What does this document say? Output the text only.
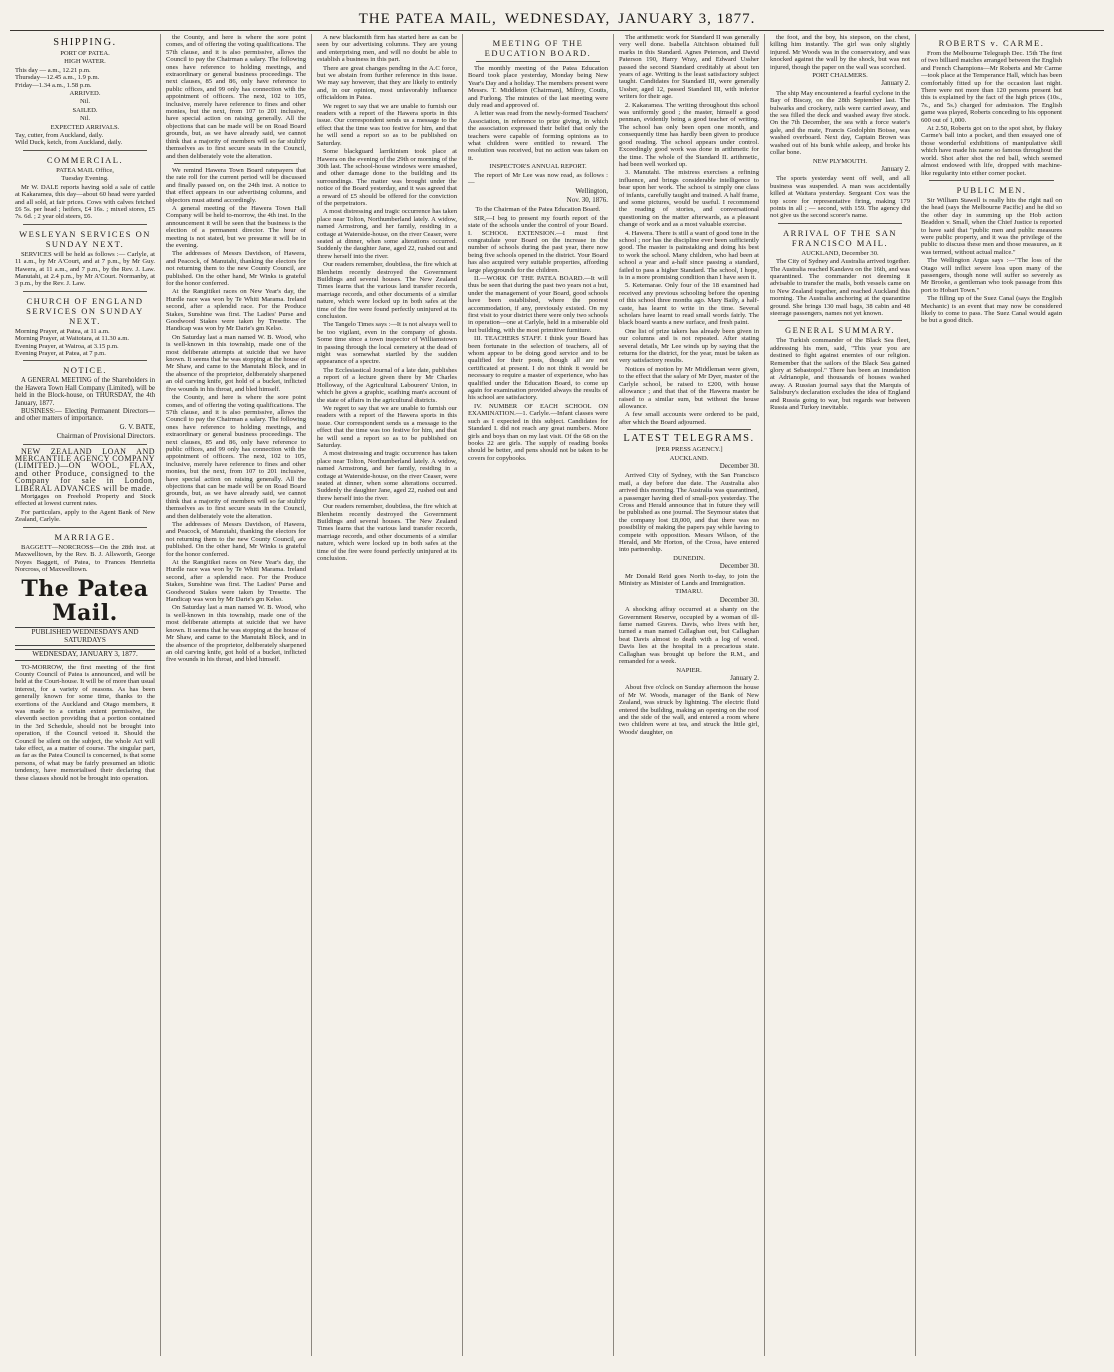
THE PATEA MAIL, WEDNESDAY, JANUARY 3, 1877.
SHIPPING.
PORT OF PATEA.
HIGH WATER.
This day — a.m., 12.21 p.m.
Thursday—12.45 a.m., 1.9 p.m.
Friday—1.34 a.m., 1.58 p.m.
ARRIVED.
Nil.
SAILED.
Nil.
EXPECTED ARRIVALS.
Tay, cutter, from Auckland, daily.
Wild Duck, ketch, from Auckland, daily.
COMMERCIAL.
PATEA MAIL Office,
Tuesday Evening.

Mr W. DALE reports having sold a sale of cattle at Kakaramea, this day—about 60 head were yarded and all sold, at fair prices. Cows with calves fetched £6 5s. per head ; heifers, £4 16s. ; mixed stores, £5 7s. 6d. ; 2 year old steers, £6.

WESLEYAN SERVICES ON SUNDAY NEXT.

SERVICES will be held as follows :— Carlyle, at 11 a.m., by Mr A'Court, and at 7 p.m., by Mr Guy. Hawera, at 11 a.m., and 7 p.m., by the Rev. J. Law. Manutahi, at 2.4 p.m., by Mr A'Court. Normanby, at 3 p.m., by the Rev. J. Law.

CHURCH OF ENGLAND SERVICES ON SUNDAY NEXT.
Morning Prayer, at Patea, at 11 a.m.
Morning Prayer, at Waitotara, at 11.30 a.m.
Evening Prayer, at Wairoa, at 3.15 p.m.
Evening Prayer, at Patea, at 7 p.m.
NOTICE.

A GENERAL MEETING of the Shareholders in the Hawera Town Hall Company (Limited), will be held in the Block-house, on THURSDAY, the 4th January, 1877.

BUSINESS:— Electing Permanent Directors—and other matters of importance.

G. V. BATE,
Chairman of Provisional Directors.

NEW ZEALAND LOAN AND MERCANTILE AGENCY COMPANY (LIMITED.)—ON WOOL, FLAX, and other Produce, consigned to the Company for sale in London, LIBERAL ADVANCES will be made.

Mortgages on Freehold Property and Stock effected at lowest current rates.

For particulars, apply to the Agent Bank of New Zealand, Carlyle.

MARRIAGE.

BAGGETT—NORCROSS—On the 28th inst. at Maxwelltown, by the Rev. B. J. Allsworth, George Noyes Baggett, of Patea, to Frances Henrietta Norcross, of Maxwelltown.

The Patea Mail.
PUBLISHED WEDNESDAYS AND SATURDAYS
WEDNESDAY, JANUARY 3, 1877.

TO-MORROW, the first meeting of the first County Council of Patea is announced, and will be held at the Court-house. It will be of more than usual interest, for a variety of reasons. As has been generally known for some time, thanks to the exertions of the Auckland and Otago members, it was made to a certain extent permissive, the eleventh section providing that a portion contained in the 3rd Schedule, should not be brought into operation, if the Council vetoed it. Should the Council be silent on the subject, the whole Act will take effect, as a matter of course. The singular part, as far as the Patea Council is concerned, is that some persons, of what may be fairly presumed an idiotic tendency, have memorialised their declaring that these clauses should not be brought into operation.

the County, and here is where the sore point comes, and of offering the voting qualifications. The 57th clause, and it is also permissive, allows the Council to pay the Chairman a salary. The following ones have reference to holding meetings, and extraordinary or general business proceedings. The next clauses, 85 and 86, only have reference to public offices, and 99 only has connection with the appointment of officers. The next, 102 to 105, inclusive, merely have reference to fines and other monies, but the next, from 107 to 201 inclusive, have special action on raising generally. All the objections that can be made will be on Road Board grounds, but, as we have already said, we cannot think that a majority of members will so far stultify themselves as to first secure seats in the Council, and then deliberately vote the alteration.

We remind Hawera Town Board ratepayers that the rate roll for the current period will be discussed and finally passed on, on the 24th inst. A notice to that effect appears in our advertising columns, and objectors must attend accordingly.

A general meeting of the Hawera Town Hall Company will be held to-morrow, the 4th inst. In the announcement it will be seen that the business is the election of a permanent director. The hour of meeting is not stated, but we presume it will be in the evening.

The addresses of Messrs Davidson, of Hawera, and Peacock, of Manutahi, thanking the electors for not returning them to the new County Council, are published. On the other hand, Mr Winks is grateful for the honor conferred.

At the Rangitikei races on New Year's day, the Hurdle race was won by Te Whiti Marama. Ireland second, after a splendid race. For the Produce Stakes, Sunshine was first. The Ladies' Purse and Goodwood Stakes were taken by Tresette. The Handicap was won by Mr Darie's gm Kelso.

On Saturday last a man named W. B. Wood, who is well-known in this township, made one of the most deliberate attempts at suicide that we have known. It seems that he was stopping at the house of Mr Shaw, and came to the Manutahi Block, and in the absence of the proprietor, deliberately sharpened an old carving knife, got hold of a bucket, inflicted five wounds in his throat, and bled himself.

the County, and here is where the sore point comes, and of offering the voting qualifications. The 57th clause, and it is also permissive, allows the Council to pay the Chairman a salary. The following ones have reference to holding meetings, and extraordinary or general business proceedings. The next clauses, 85 and 86, only have reference to public offices, and 99 only has connection with the appointment of officers. The next, 102 to 105, inclusive, merely have reference to fines and other monies, but the next, from 107 to 201 inclusive, have special action on raising generally. All the objections that can be made will be on Road Board grounds, but, as we have already said, we cannot think that a majority of members will so far stultify themselves as to first secure seats in the Council, and then deliberately vote the alteration.

The addresses of Messrs Davidson, of Hawera, and Peacock, of Manutahi, thanking the electors for not returning them to the new County Council, are published. On the other hand, Mr Winks is grateful for the honor conferred.

At the Rangitikei races on New Year's day, the Hurdle race was won by Te Whiti Marama. Ireland second, after a splendid race. For the Produce Stakes, Sunshine was first. The Ladies' Purse and Goodwood Stakes were taken by Tresette. The Handicap was won by Mr Darie's gm Kelso.

On Saturday last a man named W. B. Wood, who is well-known in this township, made one of the most deliberate attempts at suicide that we have known. It seems that he was stopping at the house of Mr Shaw, and came to the Manutahi Block, and in the absence of the proprietor, deliberately sharpened an old carving knife, got hold of a bucket, inflicted five wounds in his throat, and bled himself.

A new blacksmith firm has started here as can be seen by our advertising columns. They are young and enterprising men, and will no doubt be able to establish a business in this part.

There are great changes pending in the A.C force, but we abstain from further reference in this issue. We may say however, that they are likely to entirely and, in our opinion, most unfavorably influence officialdom in Patea.

We regret to say that we are unable to furnish our readers with a report of the Hawera sports in this issue. Our correspondent sends us a message to the effect that the time was too festive for him, and that he will send a report so as to be published on Saturday.

Some blackguard larrikinism took place at Hawera on the evening of the 29th or morning of the 30th last. The school-house windows were smashed, and other damage done to the building and its surroundings. The matter was brought under the notice of the Board yesterday, and it was agreed that a reward of £5 should be offered for the conviction of the perpetrators.

A most distressing and tragic occurrence has taken place near Tolton, Northumberland lately. A widow, named Armstrong, and her family, residing in a cottage at Waterside-house, on the river Ceaser, were seated at dinner, when some alterations occurred. Suddenly the daughter Jane, aged 22, rushed out and threw herself into the river.

Our readers remember, doubtless, the fire which at Blenheim recently destroyed the Government Buildings and several houses. The New Zealand Times learns that the various land transfer records, marriage records, and other documents of a similar nature, which were locked up in both safes at the time of the fire were found perfectly uninjured at its conclusion.

The Tangelo Times says :—It is not always well to be too vigilant, even in the company of ghosts. Some time since a town inspector of Williamstown in passing through the local cemetery at the dead of night was somewhat startled by the sudden appearance of a spectre.

The Ecclesiastical Journal of a late date, publishes a report of a lecture given there by Mr Charles Holloway, of the Agricultural Labourers' Union, in which he gives a graphic, scathing man's account of the state of affairs in the agricultural districts.

We regret to say that we are unable to furnish our readers with a report of the Hawera sports in this issue. Our correspondent sends us a message to the effect that the time was too festive for him, and that he will send a report so as to be published on Saturday.

A most distressing and tragic occurrence has taken place near Tolton, Northumberland lately. A widow, named Armstrong, and her family, residing in a cottage at Waterside-house, on the river Ceaser, were seated at dinner, when some alterations occurred. Suddenly the daughter Jane, aged 22, rushed out and threw herself into the river.

Our readers remember, doubtless, the fire which at Blenheim recently destroyed the Government Buildings and several houses. The New Zealand Times learns that the various land transfer records, marriage records, and other documents of a similar nature, which were locked up in both safes at the time of the fire were found perfectly uninjured at its conclusion.

MEETING OF THE EDUCATION BOARD.

The monthly meeting of the Patea Education Board took place yesterday, Monday being New Year's Day and a holiday. The members present were Messrs. T. Middleton (Chairman), Milroy, Coutts, and Furlong. The minutes of the last meeting were duly read and approved of.

A letter was read from the newly-formed Teachers' Association, in reference to prize giving, in which the association expressed their belief that only the teachers were capable of forming opinions as to what children were entitled to reward. The resolution was received, but no action was taken on it.

INSPECTOR'S ANNUAL REPORT.

The report of Mr Lee was now read, as follows :—

Wellington,
Nov. 30, 1876.
To the Chairman of the Patea Education Board.

SIR,—I beg to present my fourth report of the state of the schools under the control of your Board. I. SCHOOL EXTENSION.—I must first congratulate your Board on the increase in the number of schools during the past year, there now being five schools opened in the district. Your Board has also acquired very suitable properties, affording large playgrounds for the children.

II.—WORK OF THE PATEA BOARD.—It will thus be seen that during the past two years not a hut, under the management of your Board, good schools have been established, where the poorest accommodation, if any, previously existed. On my first visit to your district there were only two schools in operation—one at Carlyle, held in a miserable old hut building, with the most primitive furniture.

III. TEACHERS STAFF. I think your Board has been fortunate in the selection of teachers, all of whom appear to be doing good service and to be qualified for their posts, though all are not certificated at present. I do not think it would be necessary to require a master of experience, who has qualified under the Education Board, to come up again for examination provided always the results of his school are satisfactory.

IV. NUMBER OF EACH SCHOOL ON EXAMINATION.—1. Carlyle.—Infant classes were such as I expected in this subject. Candidates for Standard I. did not reach any great numbers. More girls and boys than on my last visit. Of the 68 on the books 22 are girls. The supply of reading books should be better, and pens should not be taken to be covers for copybooks.

The arithmetic work for Standard II was generally very well done. Isabella Aitchison obtained full marks in this Standard. Agnes Peterson, and David Paterson 190, Harry Wray, and Edward Ussher passed the second Standard creditably at about ten years of age. Writing is the least satisfactory subject taught. Candidates for Standard III, were generally Ussher, aged 12, passed Standard III, with inferior writers for their age.

2. Kakaramea. The writing throughout this school was uniformly good ; the master, himself a good penman, evidently being a good teacher of writing. The school has only been open one month, and consequently time has hardly been given to produce good reading. The school appears under control. Exceedingly good work was done in arithmetic for the time. The whole of the Standard II. arithmetic, had been well worked up.

3. Manutahi. The mistress exercises a refining influence, and brings considerable intelligence to bear upon her work. The school is simply one class of infants, carefully taught and trained. A half frame, and some pictures, would be useful. I recommend the reading of stories, and conversational questioning on the matter afterwards, as a pleasant change of work and as a most valuable exercise.

4. Hawera. There is still a want of good tone in the school ; nor has the discipline ever been sufficiently good. The master is painstaking and doing his best to work the school. Many children, who had been at school a year and a-half since passing a standard, failed to pass a higher Standard. The school, I hope, is in a more promising condition than I have seen it.

5. Ketemarae. Only four of the 18 examined had received any previous schooling before the opening of this school three months ago. Mary Baily, a half-caste, has learnt to write in the time. Several scholars have learnt to read small words fairly. The black board wants a new surface, and fresh paint.

One list of prize takers has already been given in our columns and is not repeated. After stating several details, Mr Lee winds up by saying that the returns for the district, for the year, must be taken as very satisfactory results.

Notices of motion by Mr Middleman were given, to the effect that the salary of Mr Dyer, master of the Carlyle school, be raised to £200, with house allowance ; and that that of the Hawera master be raised to a similar sum, but without the house allowance.

A few small accounts were ordered to be paid, after which the Board adjourned.

LATEST TELEGRAMS.
[PER PRESS AGENCY.]
AUCKLAND.
December 30.

Arrived City of Sydney, with the San Francisco mail, a day before due date. The Australia also arrived this morning. The Australia was quarantined, a passenger having died of small-pox yesterday. The Cross and Herald announce that in future they will be published as one journal. The Seymour states that the company lost £8,000, and that there was no possibility of making the papers pay while having to compete with opposition. Messrs Wilson, of the Herald, and Mr Horton, of the Cross, have entered into partnership.

DUNEDIN.
December 30.

Mr Donald Reid goes North to-day, to join the Ministry as Minister of Lands and Immigration.

TIMARU.
December 30.

A shocking affray occurred at a shanty on the Government Reserve, occupied by a woman of ill-fame named Graves. Davis, who lives with her, turned a man named Callaghan out, but Callaghan beat Davis almost to death with a log of wood. Davis lies at the hospital in a precarious state. Callaghan was brought up before the R.M., and remanded for a week.

NAPIER.
January 2.

About five o'clock on Sunday afternoon the house of Mr W. Woods, manager of the Bank of New Zealand, was struck by lightning. The electric fluid entered the building, making an opening on the roof and the side of the wall, and entered a room where two children were at tea, and struck the little girl, Woods' daughter, on

the foot, and the boy, his stepson, on the chest, killing him instantly. The girl was only slightly injured. Mr Woods was in the conservatory, and was knocked against the wall by the shock, but was not injured, though the paper on the wall was scorched.

PORT CHALMERS.
January 2.

The ship May encountered a fearful cyclone in the Bay of Biscay, on the 28th September last. The bulwarks and crockery, rails were carried away, and the sea filled the deck and washed away five stock. On the 7th December, the sea with a force water's gale, and the mate, Francis Godolphin Boisse, was washed overboard. Next day, Captain Brown was washed out of his bunk while asleep, and broke his collar bone.

NEW PLYMOUTH.
January 2.

The sports yesterday went off well, and all business was suspended. A man was accidentally killed at Waitara yesterday. Sergeant Cox was the top score for representative firing, making 179 points in all ; — second, with 159. The agency did not give us the second scorer's name.

ARRIVAL OF THE SAN FRANCISCO MAIL.
AUCKLAND, December 30.

The City of Sydney and Australia arrived together. The Australia reached Kandavu on the 16th, and was quarantined. The commander not deeming it advisable to transfer the mails, both vessels came on to New Zealand together, and reached Auckland this morning. The Australia anchoring at the quarantine ground. She brings 130 mail bags, 38 cabin and 48 steerage passengers, names not yet known.

GENERAL SUMMARY.

The Turkish commander of the Black Sea fleet, addressing his men, said, "This year you are destined to fight against enemies of our religion. Remember that the sailors of the Black Sea gained glory at Sebastopol." There has been an inundation at Adrianople, and thousands of houses washed away. A Russian journal says that the Marquis of Salisbury's declaration excludes the idea of England and Russia going to war, but regards war between Russia and Turkey inevitable.

ROBERTS v. CARME.

From the Melbourne Telegraph Dec. 15th The first of two billiard matches arranged between the English and French Champions—Mr Roberts and Mr Carme—took place at the Temperance Hall, which has been comfortably fitted up for the occasion last night. There were not more than 120 persons present but this is explained by the fact of the high prices (10s., 7s., and 5s.) charged for admission. The English game was played, Roberts conceding to his opponent 600 out of 1,000.

At 2.50, Roberts got on to the spot shot, by flukey Carme's ball into a pocket, and then essayed one of those wonderful exhibitions of manipulative skill which have made his name so famous throughout the world. Shot after shot the red ball, which seemed almost endowed with life, dropped with machine-like regularity into either corner pocket.

PUBLIC MEN.

Sir William Stawell is really hits the right nail on the head (says the Melbourne Pacific) and he did so the other day in summing up the Hob action Beaddon v. Small, when the Chief Justice is reported to have said that "public men and public measures were public property, and it was the privilege of the public to discuss these men and those measures, as it was termed, without actual malice."

The Wellington Argus says :—"The loss of the Otago will inflict severe loss upon many of the passengers, though none will suffer so severely as Mr Brooke, a gentleman who took passage from this port to Hobart Town."

The filling up of the Suez Canal (says the English Mechanic) is an event that may now be considered likely to come to pass. The Suez Canal would again be but a good ditch.
